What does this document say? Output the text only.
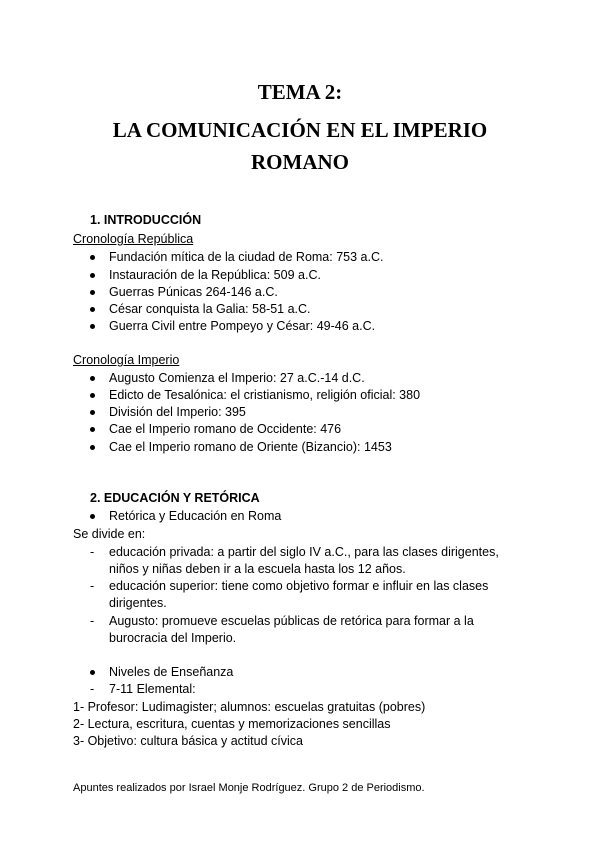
TEMA 2:
LA COMUNICACIÓN EN EL IMPERIO
ROMANO
1. INTRODUCCIÓN
Cronología República
Fundación mítica de la ciudad de Roma: 753 a.C.
Instauración de la República: 509 a.C.
Guerras Púnicas 264-146 a.C.
César conquista la Galia: 58-51 a.C.
Guerra Civil entre Pompeyo y César: 49-46 a.C.
Cronología Imperio
Augusto Comienza el Imperio: 27 a.C.-14 d.C.
Edicto de Tesalónica: el cristianismo, religión oficial: 380
División del Imperio: 395
Cae el Imperio romano de Occidente: 476
Cae el Imperio romano de Oriente (Bizancio): 1453
2. EDUCACIÓN Y RETÓRICA
Retórica y Educación en Roma
Se divide en:
- educación privada: a partir del siglo IV a.C., para las clases dirigentes,
niños y niñas deben ir a la escuela hasta los 12 años.
- educación superior: tiene como objetivo formar e influir en las clases
dirigentes.
- Augusto: promueve escuelas públicas de retórica para formar a la
burocracia del Imperio.
Niveles de Enseñanza
- 7-11 Elemental:
1- Profesor: Ludimagister; alumnos: escuelas gratuitas (pobres)
2- Lectura, escritura, cuentas y memorizaciones sencillas
3- Objetivo: cultura básica y actitud cívica
Apuntes realizados por Israel Monje Rodríguez. Grupo 2 de Periodismo.
